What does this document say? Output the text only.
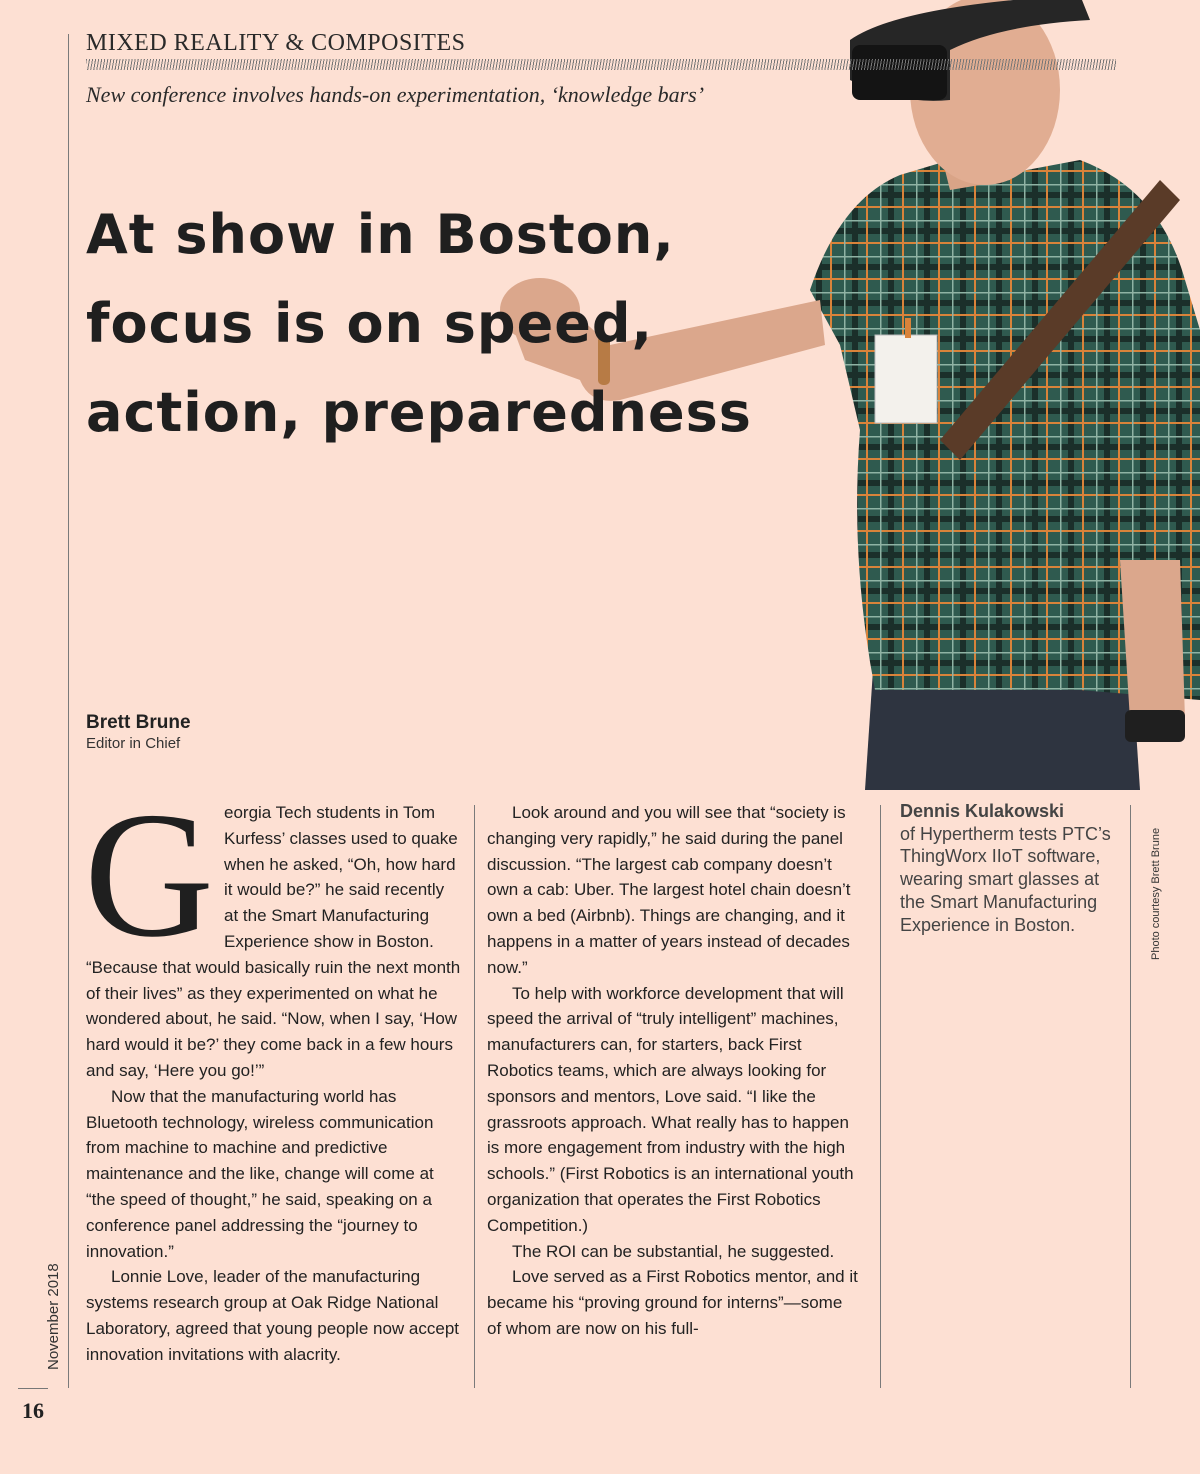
MIXED REALITY & COMPOSITES
New conference involves hands-on experimentation, ‘knowledge bars’
At show in Boston, focus is on speed, action, preparedness
Brett Brune
Editor in Chief
G eorgia Tech students in Tom Kurfess’ classes used to quake when he asked, “Oh, how hard it would be?” he said recently at the Smart Manufacturing Experience show in Boston. “Because that would basically ruin the next month of their lives” as they experimented on what he wondered about, he said. “Now, when I say, ‘How hard would it be?’ they come back in a few hours and say, ‘Here you go!’”

Now that the manufacturing world has Bluetooth technology, wireless communication from machine to machine and predictive maintenance and the like, change will come at “the speed of thought,” he said, speaking on a conference panel addressing the “journey to innovation.”

Lonnie Love, leader of the manufacturing systems research group at Oak Ridge National Laboratory, agreed that young people now accept innovation invitations with alacrity.

Look around and you will see that “society is changing very rapidly,” he said during the panel discussion. “The largest cab company doesn’t own a cab: Uber. The largest hotel chain doesn’t own a bed (Airbnb). Things are changing, and it happens in a matter of years instead of decades now.”

To help with workforce development that will speed the arrival of “truly intelligent” machines, manufacturers can, for starters, back First Robotics teams, which are always looking for sponsors and mentors, Love said. “I like the grassroots approach. What really has to happen is more engagement from industry with the high schools.” (First Robotics is an international youth organization that operates the First Robotics Competition.)

The ROI can be substantial, he suggested.

Love served as a First Robotics mentor, and it became his “proving ground for interns”—some of whom are now on his full-

Dennis Kulakowski
of Hypertherm tests PTC’s ThingWorx IIoT software, wearing smart glasses at the Smart Manufacturing Experience in Boston.	Photo courtesy Brett Brune
November 2018
16
